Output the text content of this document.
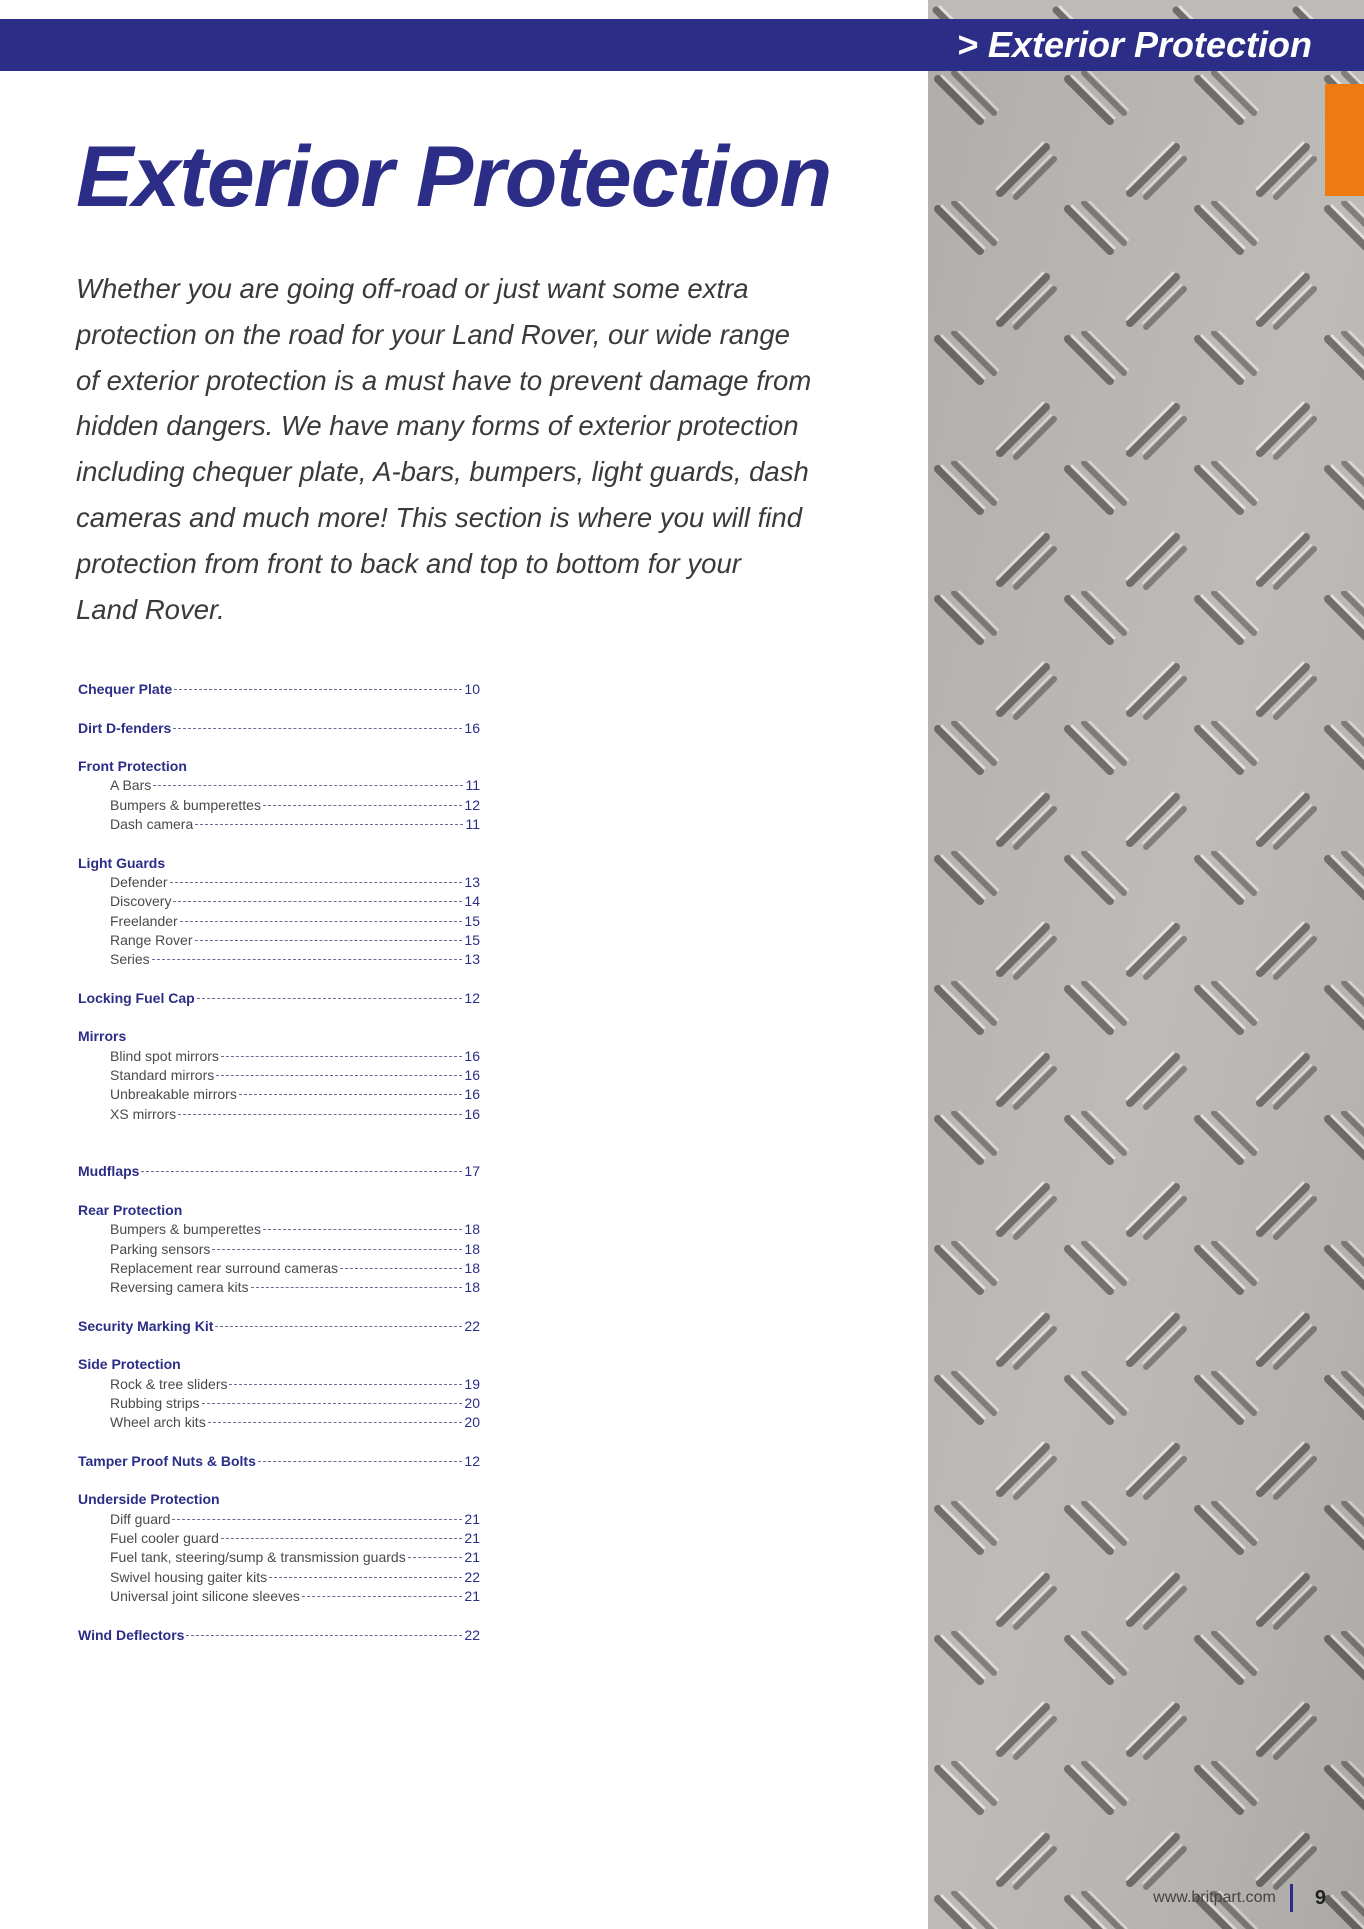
> Exterior Protection
Exterior Protection

Whether you are going off-road or just want some extra

protection on the road for your Land Rover, our wide range

of exterior protection is a must have to prevent damage from

hidden dangers. We have many forms of exterior protection

including chequer plate, A-bars, bumpers, light guards, dash

cameras and much more! This section is where you will find

protection from front to back and top to bottom for your

Land Rover.

Chequer Plate	10
Dirt D-fenders	16
Front Protection
A Bars	11
Bumpers & bumperettes	12
Dash camera	11
Light Guards
Defender	13
Discovery	14
Freelander	15
Range Rover	15
Series	13
Locking Fuel Cap	12
Mirrors
Blind spot mirrors	16
Standard mirrors	16
Unbreakable mirrors	16
XS mirrors	16
Mudflaps	17
Rear Protection
Bumpers & bumperettes	18
Parking sensors	18
Replacement rear surround cameras	18
Reversing camera kits	18
Security Marking Kit	22
Side Protection
Rock & tree sliders	19
Rubbing strips	20
Wheel arch kits	20
Tamper Proof Nuts & Bolts	12
Underside Protection
Diff guard	21
Fuel cooler guard	21
Fuel tank, steering/sump & transmission guards	21
Swivel housing gaiter kits	22
Universal joint silicone sleeves	21
Wind Deflectors	22
www.britpart.com 9
